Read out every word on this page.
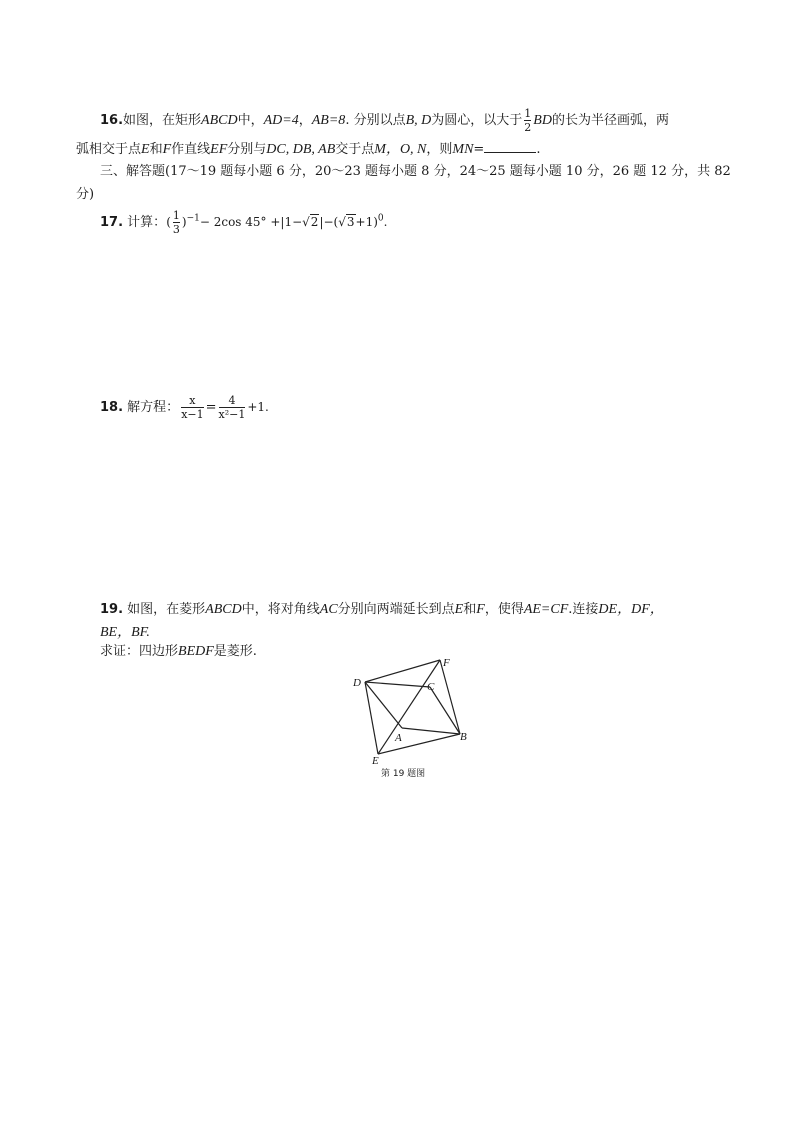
16.如图，在矩形ABCD中，AD=4，AB=8. 分别以点B, D为圆心，以大于 $\frac{1}{2}$ BD的长为半径画弧，两
弧相交于点E和F作直线EF分别与DC, DB, AB交于点M，O, N，则MN=	.
三、解答题(17～19 题每小题 6 分，20～23 题每小题 8 分，24～25 题每小题 10 分，26 题 12 分，共 82
分)
17. 计算：( $\frac{1}{3} )^{-1}- 2\cos$ $45^\circ +|1-√2|-(√3+1)^0$.
18. 解方程： $\frac{x}{x-1} = \frac{4}{\text{x²−1}} +1$.
19. 如图，在菱形ABCD中，将对角线AC分别向两端延长到点E和F，使得AE=CF.连接DE，DF，
BE，BF.
求证：四边形BEDF是菱形.
D
F
C
A	B
E
第 19 题图
